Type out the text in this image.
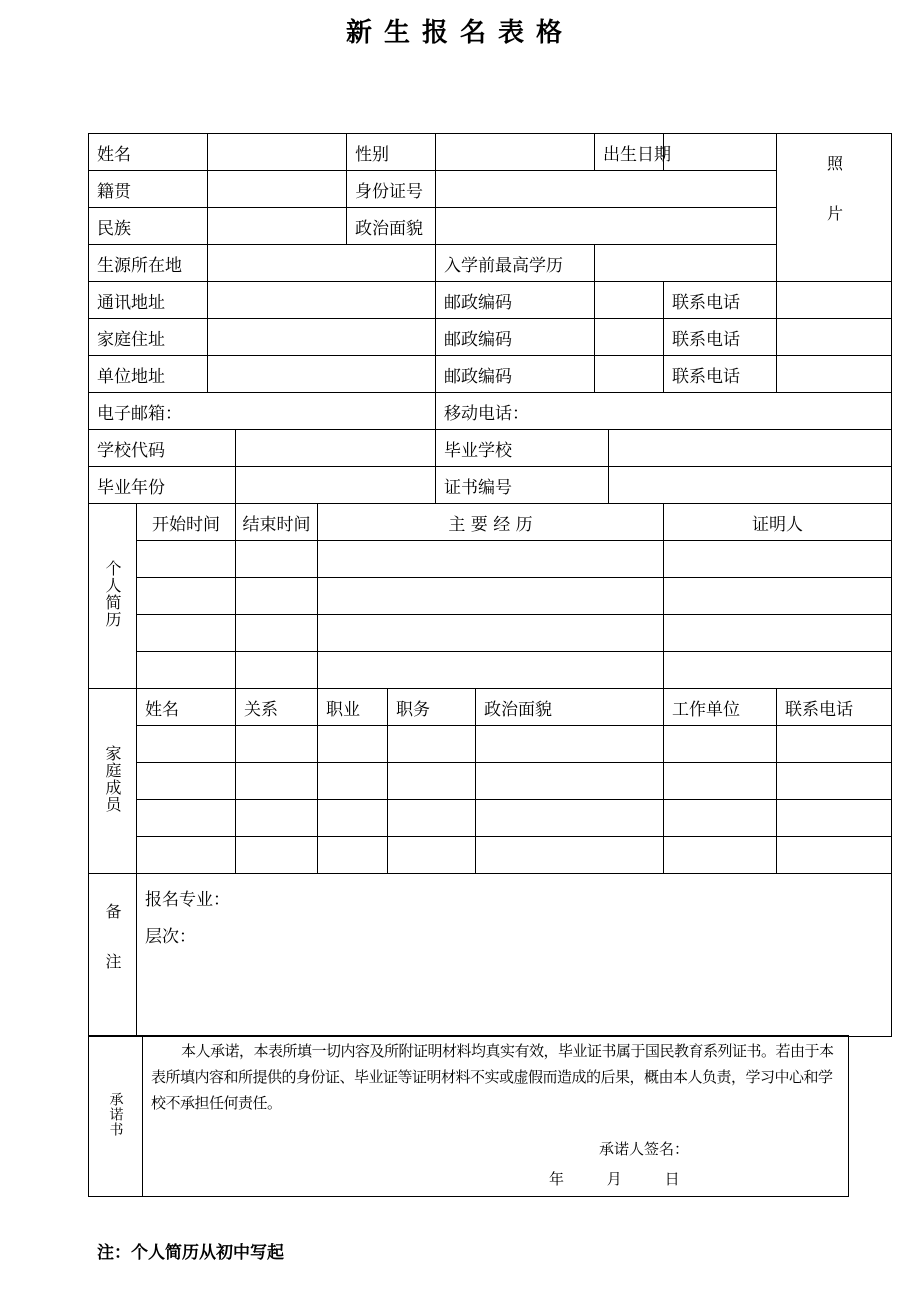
新生报名表格
姓名					性别				出生日期			照片
籍贯					身份证号							
民族					政治面貌							
生源所在地							入学前最高学历					
通讯地址							邮政编码				联系电话	
家庭住址							邮政编码				联系电话	
单位地址							邮政编码				联系电话	
电子邮箱：							移动电话：					
学校代码							毕业学校					
毕业年份							证书编号					
个人简历	开始时间		结束时间	主 要 经 历							证明人	

家庭成员	姓名		关系	职业		职务		政治面貌			工作单位	联系电话

备注	报名专业：
层次：											
承诺书	
本人承诺，本表所填一切内容及所附证明材料均真实有效，毕业证书属于国民教育系列证书。若由于本表所填内容和所提供的身份证、毕业证等证明材料不实或虚假而造成的后果，概由本人负责，学习中心和学校不承担任何责任。
承诺人签名：
年	月	日
注：个人简历从初中写起
